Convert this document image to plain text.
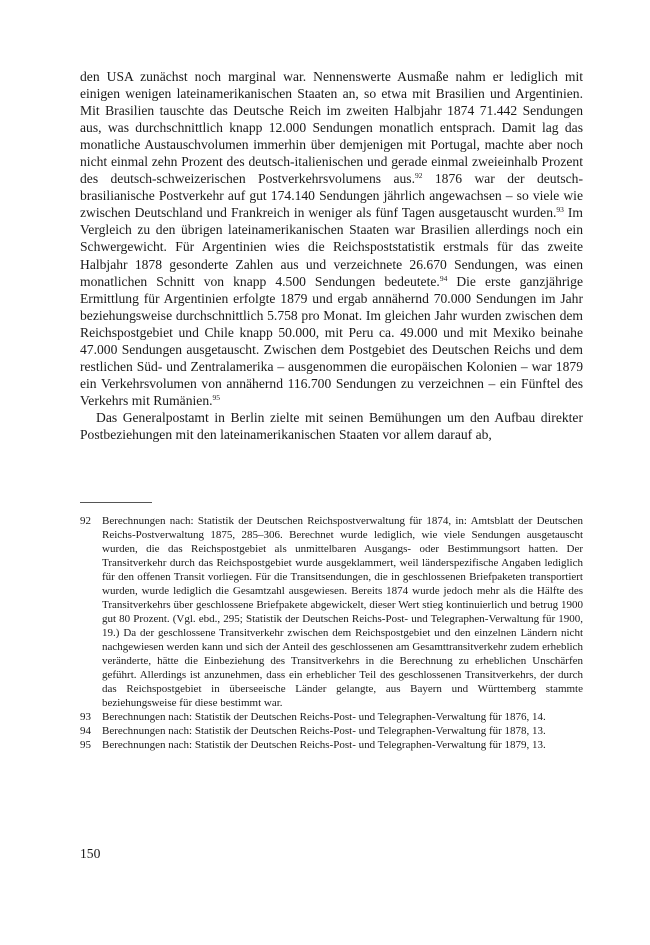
den USA zunächst noch marginal war. Nennenswerte Ausmaße nahm er lediglich mit einigen wenigen lateinamerikanischen Staaten an, so etwa mit Brasilien und Argentinien. Mit Brasilien tauschte das Deutsche Reich im zweiten Halbjahr 1874 71.442 Sendungen aus, was durchschnittlich knapp 12.000 Sendungen monatlich entsprach. Damit lag das monatliche Austauschvolumen immerhin über demjenigen mit Portugal, machte aber noch nicht einmal zehn Prozent des deutsch-italienischen und gerade einmal zweieinhalb Prozent des deutsch-schweizerischen Postverkehrsvolumens aus.$^{92}$ 1876 war der deutsch-brasilianische Postverkehr auf gut 174.140 Sendungen jährlich angewachsen – so viele wie zwischen Deutschland und Frankreich in weniger als fünf Tagen ausgetauscht wurden.$^{93}$ Im Vergleich zu den übrigen lateinamerikanischen Staaten war Brasilien allerdings noch ein Schwergewicht. Für Argentinien wies die Reichspoststatistik erstmals für das zweite Halbjahr 1878 gesonderte Zahlen aus und verzeichnete 26.670 Sendungen, was einen monatlichen Schnitt von knapp 4.500 Sendungen bedeutete.$^{94}$ Die erste ganzjährige Ermittlung für Argentinien erfolgte 1879 und ergab annähernd 70.000 Sendungen im Jahr beziehungsweise durchschnittlich 5.758 pro Monat. Im gleichen Jahr wurden zwischen dem Reichspostgebiet und Chile knapp 50.000, mit Peru ca. 49.000 und mit Mexiko beinahe 47.000 Sendungen ausgetauscht. Zwischen dem Postgebiet des Deutschen Reichs und dem restlichen Süd- und Zentralamerika – ausgenommen die europäischen Kolonien – war 1879 ein Verkehrsvolumen von annähernd 116.700 Sendungen zu verzeichnen – ein Fünftel des Verkehrs mit Rumänien.$^{95}$

Das Generalpostamt in Berlin zielte mit seinen Bemühungen um den Aufbau direkter Postbeziehungen mit den lateinamerikanischen Staaten vor allem darauf ab,

92	Berechnungen nach: Statistik der Deutschen Reichspostverwaltung für 1874, in: Amtsblatt der Deutschen Reichs-Postverwaltung 1875, 285–306. Berechnet wurde lediglich, wie viele Sendungen ausgetauscht wurden, die das Reichspostgebiet als unmittelbaren Ausgangs- oder Bestimmungsort hatten. Der Transitverkehr durch das Reichspostgebiet wurde ausgeklammert, weil länderspezifische Angaben lediglich für den offenen Transit vorliegen. Für die Transitsendungen, die in geschlossenen Briefpaketen transportiert wurden, wurde lediglich die Gesamtzahl ausgewiesen. Bereits 1874 wurde jedoch mehr als die Hälfte des Transitverkehrs über geschlossene Briefpakete abgewickelt, dieser Wert stieg kontinuierlich und betrug 1900 gut 80 Prozent. (Vgl. ebd., 295; Statistik der Deutschen Reichs-Post- und Telegraphen-Verwaltung für 1900, 19.) Da der geschlossene Transitverkehr zwischen dem Reichspostgebiet und den einzelnen Ländern nicht nachgewiesen werden kann und sich der Anteil des geschlossenen am Gesamttransitverkehr zudem erheblich veränderte, hätte die Einbeziehung des Transitverkehrs in die Berechnung zu erheblichen Unschärfen geführt. Allerdings ist anzunehmen, dass ein erheblicher Teil des geschlossenen Transitverkehrs, der durch das Reichspostgebiet in überseeische Länder gelangte, aus Bayern und Württemberg stammte beziehungsweise für diese bestimmt war.
93	Berechnungen nach: Statistik der Deutschen Reichs-Post- und Telegraphen-Verwaltung für 1876, 14.
94	Berechnungen nach: Statistik der Deutschen Reichs-Post- und Telegraphen-Verwaltung für 1878, 13.
95	Berechnungen nach: Statistik der Deutschen Reichs-Post- und Telegraphen-Verwaltung für 1879, 13.
150
